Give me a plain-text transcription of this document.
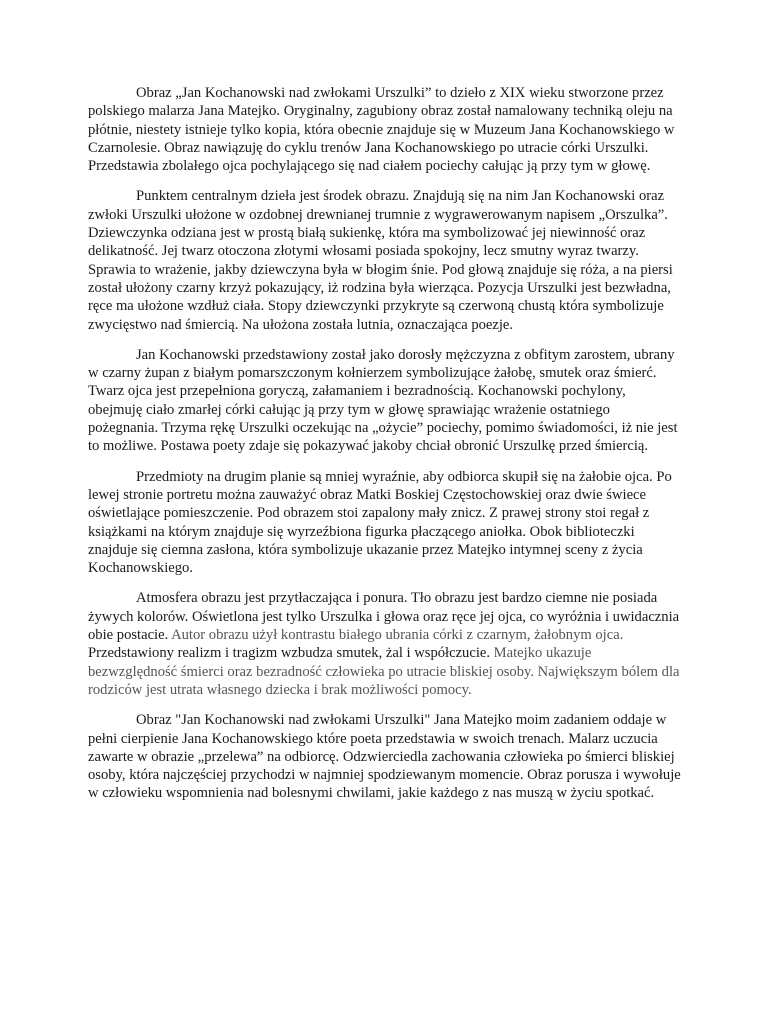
Obraz „Jan Kochanowski nad zwłokami Urszulki” to dzieło z XIX wieku stworzone przez polskiego malarza Jana Matejko. Oryginalny, zagubiony obraz został namalowany techniką oleju na płótnie, niestety istnieje tylko kopia, która obecnie znajduje się w Muzeum Jana Kochanowskiego w Czarnolesie. Obraz nawiązuję do cyklu trenów Jana Kochanowskiego po utracie córki Urszulki. Przedstawia zbolałego ojca pochylającego się nad ciałem pociechy całując ją przy tym w głowę.

Punktem centralnym dzieła jest środek obrazu. Znajdują się na nim Jan Kochanowski oraz zwłoki Urszulki ułożone w ozdobnej drewnianej trumnie z wygrawerowanym napisem „Orszulka”. Dziewczynka odziana jest w prostą białą sukienkę, która ma symbolizować jej niewinność oraz delikatność. Jej twarz otoczona złotymi włosami posiada spokojny, lecz smutny wyraz twarzy. Sprawia to wrażenie, jakby dziewczyna była w błogim śnie. Pod głową znajduje się róża, a na piersi został ułożony czarny krzyż pokazujący, iż rodzina była wierząca. Pozycja Urszulki jest bezwładna, ręce ma ułożone wzdłuż ciała. Stopy dziewczynki przykryte są czerwoną chustą która symbolizuje zwycięstwo nad śmiercią. Na ułożona została lutnia, oznaczająca poezje.

Jan Kochanowski przedstawiony został jako dorosły mężczyzna z obfitym zarostem, ubrany w czarny żupan z białym pomarszczonym kołnierzem symbolizujące żałobę, smutek oraz śmierć. Twarz ojca jest przepełniona goryczą, załamaniem i bezradnością. Kochanowski pochylony, obejmuję ciało zmarłej córki całując ją przy tym w głowę sprawiając wrażenie ostatniego pożegnania. Trzyma rękę Urszulki oczekując na „ożycie” pociechy, pomimo świadomości, iż nie jest to możliwe. Postawa poety zdaje się pokazywać jakoby chciał obronić Urszulkę przed śmiercią.

Przedmioty na drugim planie są mniej wyraźnie, aby odbiorca skupił się na żałobie ojca. Po lewej stronie portretu można zauważyć obraz Matki Boskiej Częstochowskiej oraz dwie świece oświetlające pomieszczenie. Pod obrazem stoi zapalony mały znicz. Z prawej strony stoi regał z książkami na którym znajduje się wyrzeźbiona figurka płaczącego aniołka. Obok biblioteczki znajduje się ciemna zasłona, która symbolizuje ukazanie przez Matejko intymnej sceny z życia Kochanowskiego.

Atmosfera obrazu jest przytłaczająca i ponura. Tło obrazu jest bardzo ciemne nie posiada żywych kolorów. Oświetlona jest tylko Urszulka i głowa oraz ręce jej ojca, co wyróżnia i uwidacznia obie postacie. Autor obrazu użył kontrastu białego ubrania córki z czarnym, żałobnym ojca. Przedstawiony realizm i tragizm wzbudza smutek, żal i współczucie. Matejko ukazuje bezwzględność śmierci oraz bezradność człowieka po utracie bliskiej osoby. Największym bólem dla rodziców jest utrata własnego dziecka i brak możliwości pomocy.

Obraz "Jan Kochanowski nad zwłokami Urszulki" Jana Matejko moim zadaniem oddaje w pełni cierpienie Jana Kochanowskiego które poeta przedstawia w swoich trenach. Malarz uczucia zawarte w obrazie „przelewa” na odbiorcę. Odzwierciedla zachowania człowieka po śmierci bliskiej osoby, która najczęściej przychodzi w najmniej spodziewanym momencie. Obraz porusza i wywołuje w człowieku wspomnienia nad bolesnymi chwilami, jakie każdego z nas muszą w życiu spotkać.
